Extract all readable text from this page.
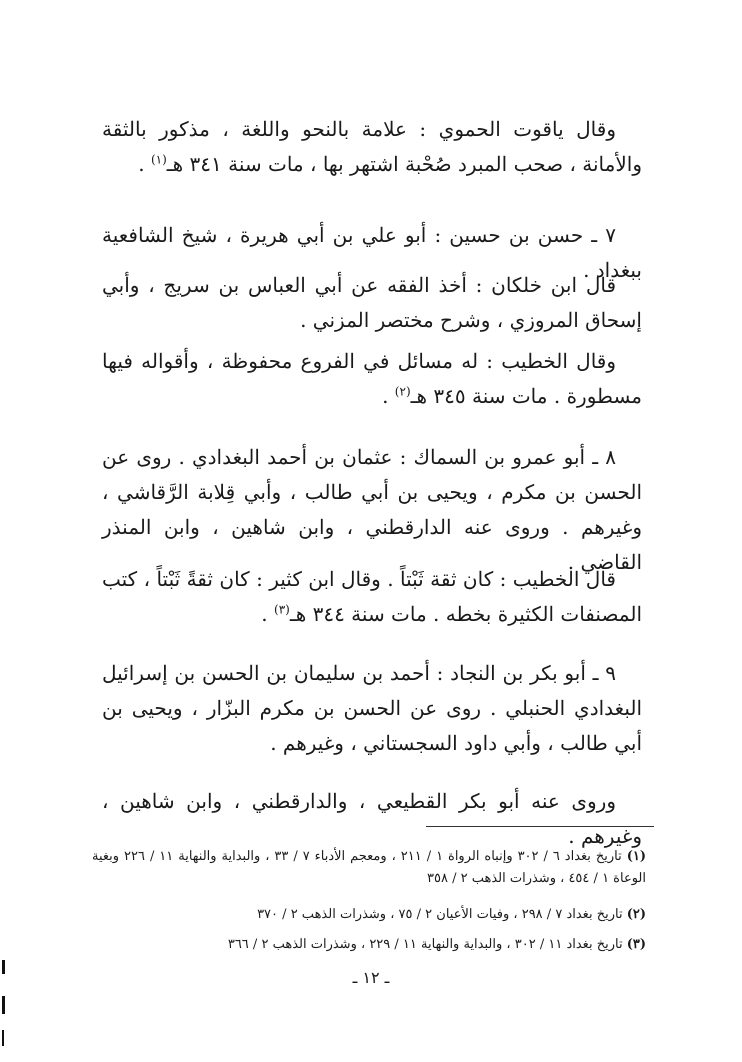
وقال ياقوت الحموي : علامة بالنحو واللغة ، مذكور بالثقة والأمانة ، صحب المبرد صُحْبة اشتهر بها ، مات سنة ٣٤١ هـ$^{(١)}$ .

٧ ـ حسن بن حسين : أبو علي بن أبي هريرة ، شيخ الشافعية ببغداد .

قال ابن خلكان : أخذ الفقه عن أبي العباس بن سريج ، وأبي إسحاق المروزي ، وشرح مختصر المزني .

وقال الخطيب : له مسائل في الفروع محفوظة ، وأقواله فيها مسطورة . مات سنة ٣٤٥ هـ$^{(٢)}$ .

٨ ـ أبو عمرو بن السماك : عثمان بن أحمد البغدادي . روى عن الحسن بن مكرم ، ويحيى بن أبي طالب ، وأبي قِلابة الرَّقاشي ، وغيرهم . وروى عنه الدارقطني ، وابن شاهين ، وابن المنذر القاضي .

قال الخطيب : كان ثقة ثَبْتاً . وقال ابن كثير : كان ثقةً ثَبْتاً ، كتب المصنفات الكثيرة بخطه . مات سنة ٣٤٤ هـ$^{(٣)}$ .

٩ ـ أبو بكر بن النجاد : أحمد بن سليمان بن الحسن بن إسرائيل البغدادي الحنبلي . روى عن الحسن بن مكرم البزّار ، ويحيى بن أبي طالب ، وأبي داود السجستاني ، وغيرهم .

وروى عنه أبو بكر القطيعي ، والدارقطني ، وابن شاهين ، وغيرهم .

(١) تاريخ بغداد ٦ / ٣٠٢ وإنباه الرواة ١ / ٢١١ ، ومعجم الأدباء ٧ / ٣٣ ، والبداية والنهاية ١١ / ٢٢٦ وبغية الوعاة ١ / ٤٥٤ ، وشذرات الذهب ٢ / ٣٥٨

(٢) تاريخ بغداد ٧ / ٢٩٨ ، وفيات الأعيان ٢ / ٧٥ ، وشذرات الذهب ٢ / ٣٧٠

(٣) تاريخ بغداد ١١ / ٣٠٢ ، والبداية والنهاية ١١ / ٢٢٩ ، وشذرات الذهب ٢ / ٣٦٦

ـ ١٢ ـ
